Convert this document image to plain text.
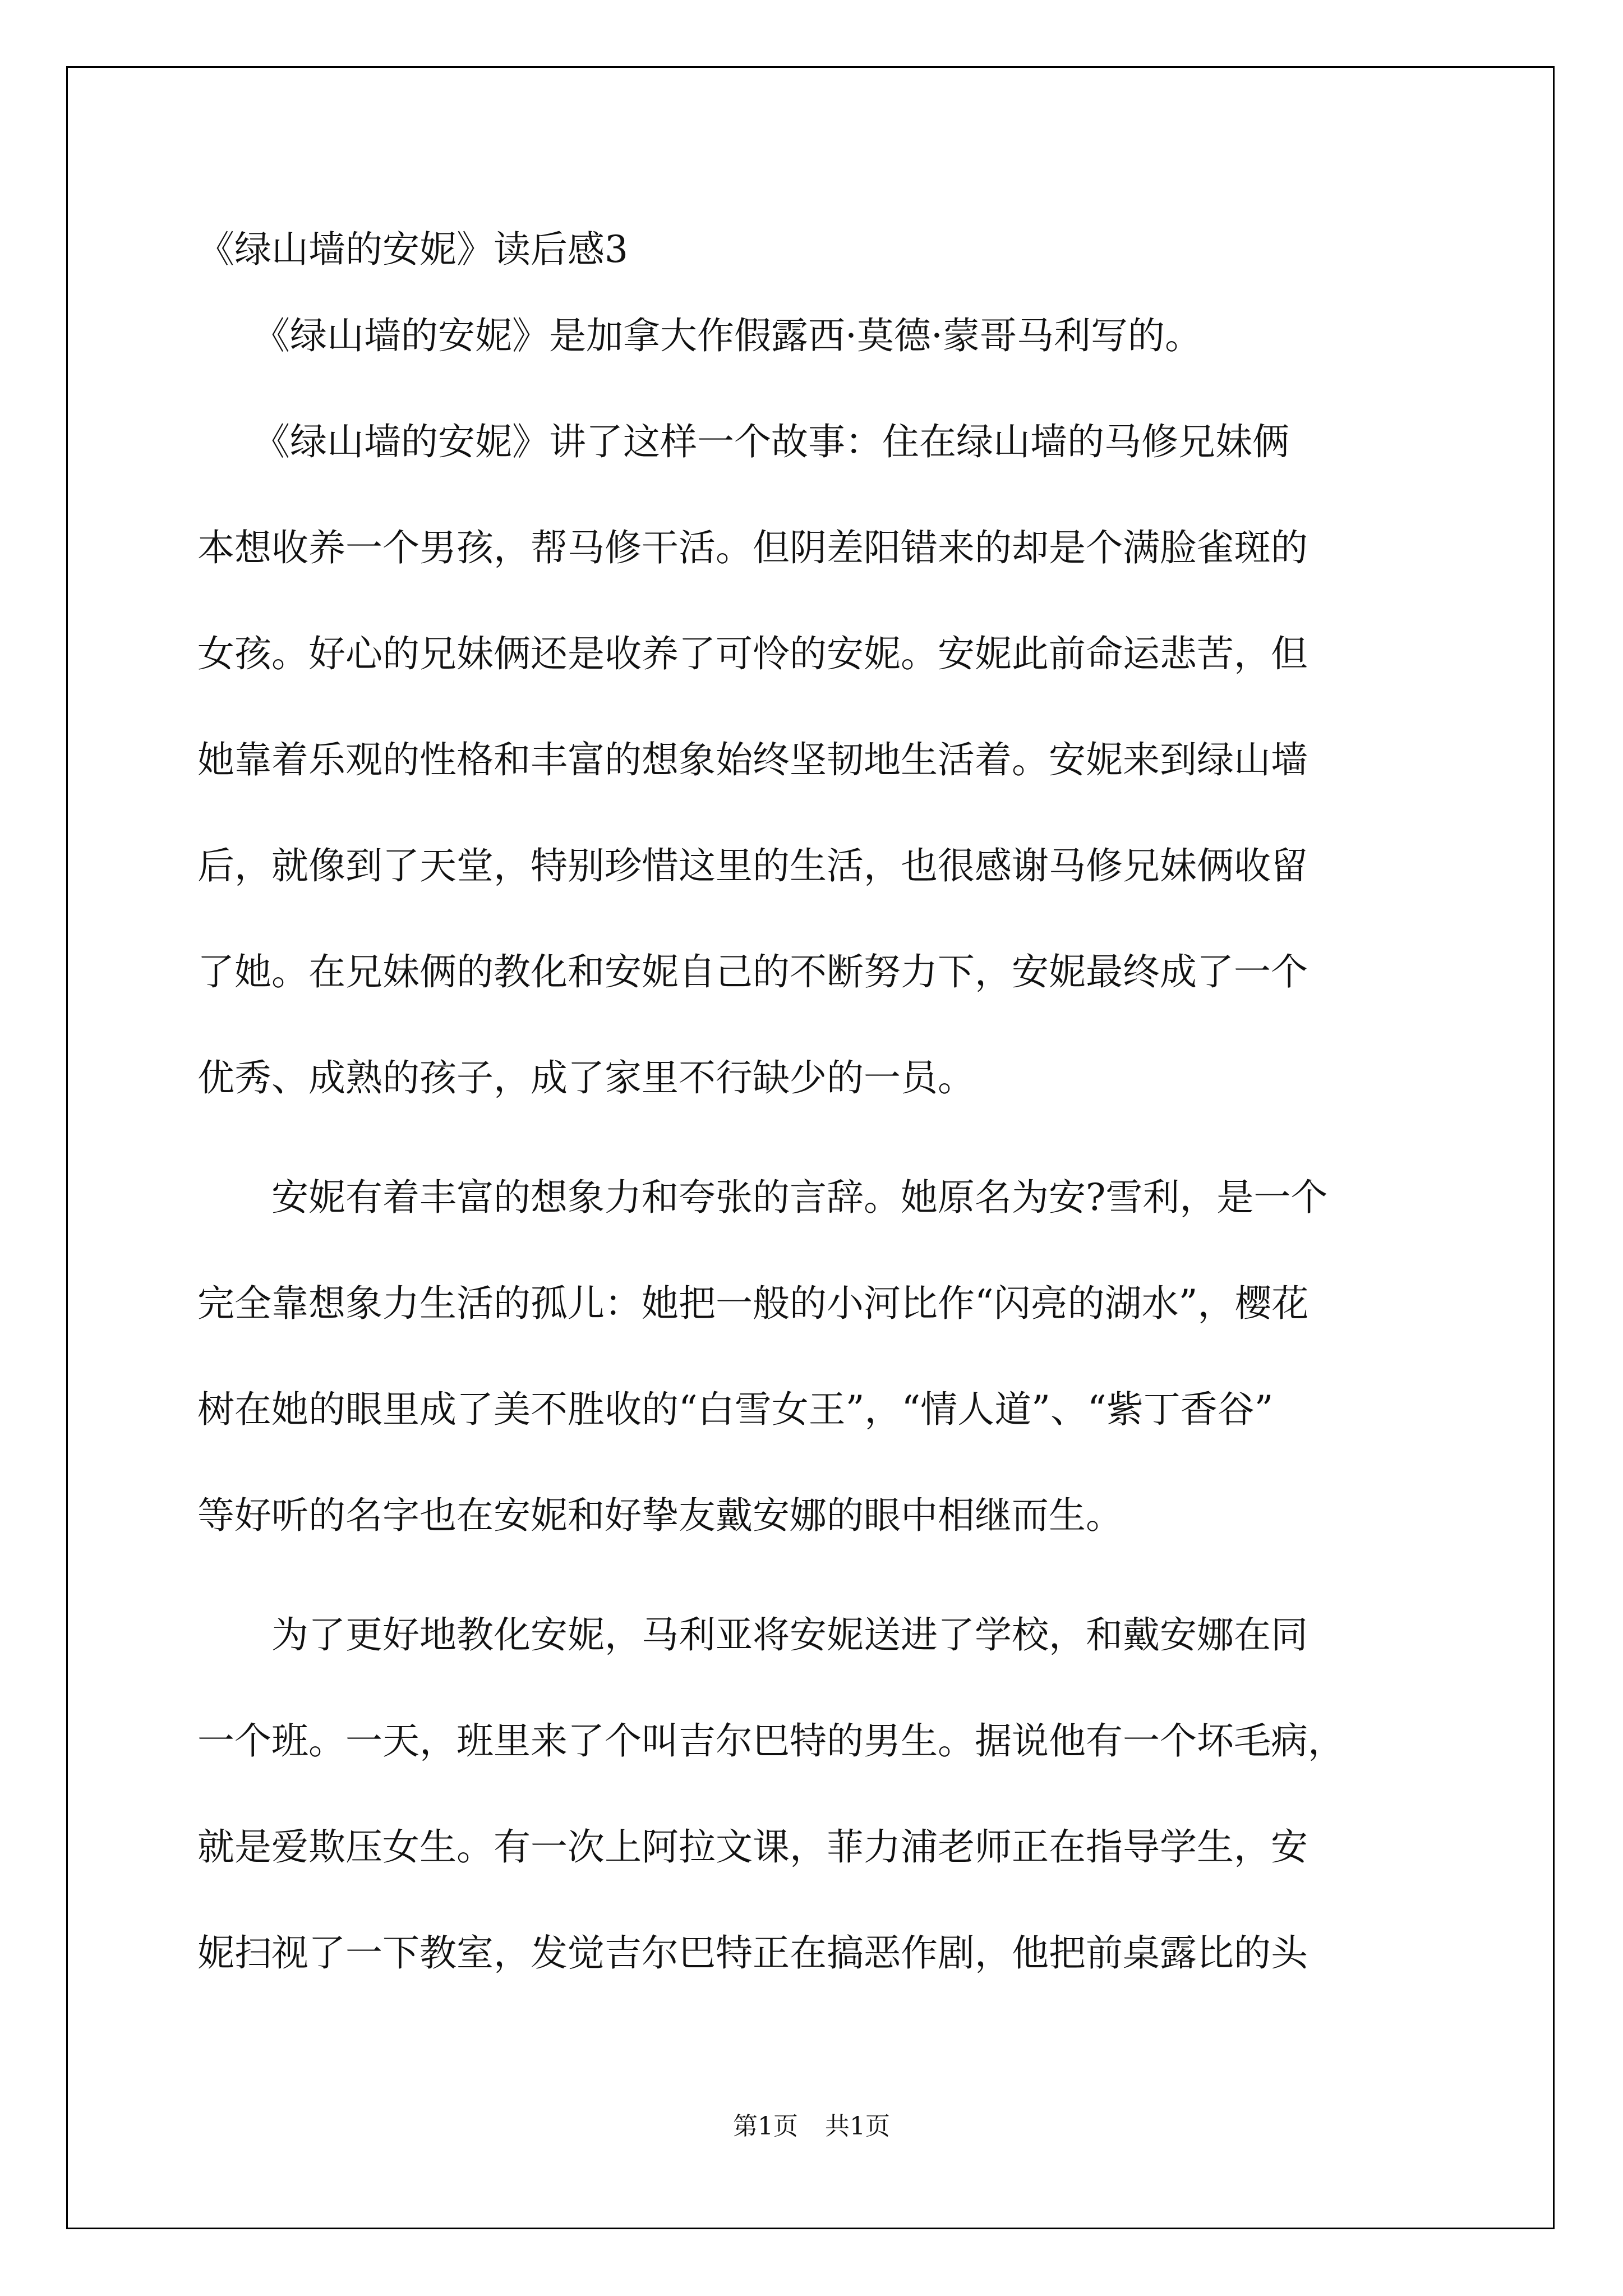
《绿山墙的安妮》读后感3
　　《绿山墙的安妮》是加拿大作假露西·莫德·蒙哥马利写的。
　　《绿山墙的安妮》讲了这样一个故事：住在绿山墙的马修兄妹俩
本想收养一个男孩，帮马修干活。但阴差阳错来的却是个满脸雀斑的
女孩。好心的兄妹俩还是收养了可怜的安妮。安妮此前命运悲苦，但
她靠着乐观的性格和丰富的想象始终坚韧地生活着。安妮来到绿山墙
后，就像到了天堂，特别珍惜这里的生活，也很感谢马修兄妹俩收留
了她。在兄妹俩的教化和安妮自己的不断努力下，安妮最终成了一个
优秀、成熟的孩子，成了家里不行缺少的一员。
　　安妮有着丰富的想象力和夸张的言辞。她原名为安?雪利，是一个
完全靠想象力生活的孤儿：她把一般的小河比作“闪亮的湖水”，樱花
树在她的眼里成了美不胜收的“白雪女王”，“情人道”、“紫丁香谷”
等好听的名字也在安妮和好挚友戴安娜的眼中相继而生。
　　为了更好地教化安妮，马利亚将安妮送进了学校，和戴安娜在同
一个班。一天，班里来了个叫吉尔巴特的男生。据说他有一个坏毛病，
就是爱欺压女生。有一次上阿拉文课，菲力浦老师正在指导学生，安
妮扫视了一下教室，发觉吉尔巴特正在搞恶作剧，他把前桌露比的头
第1页 共1页
